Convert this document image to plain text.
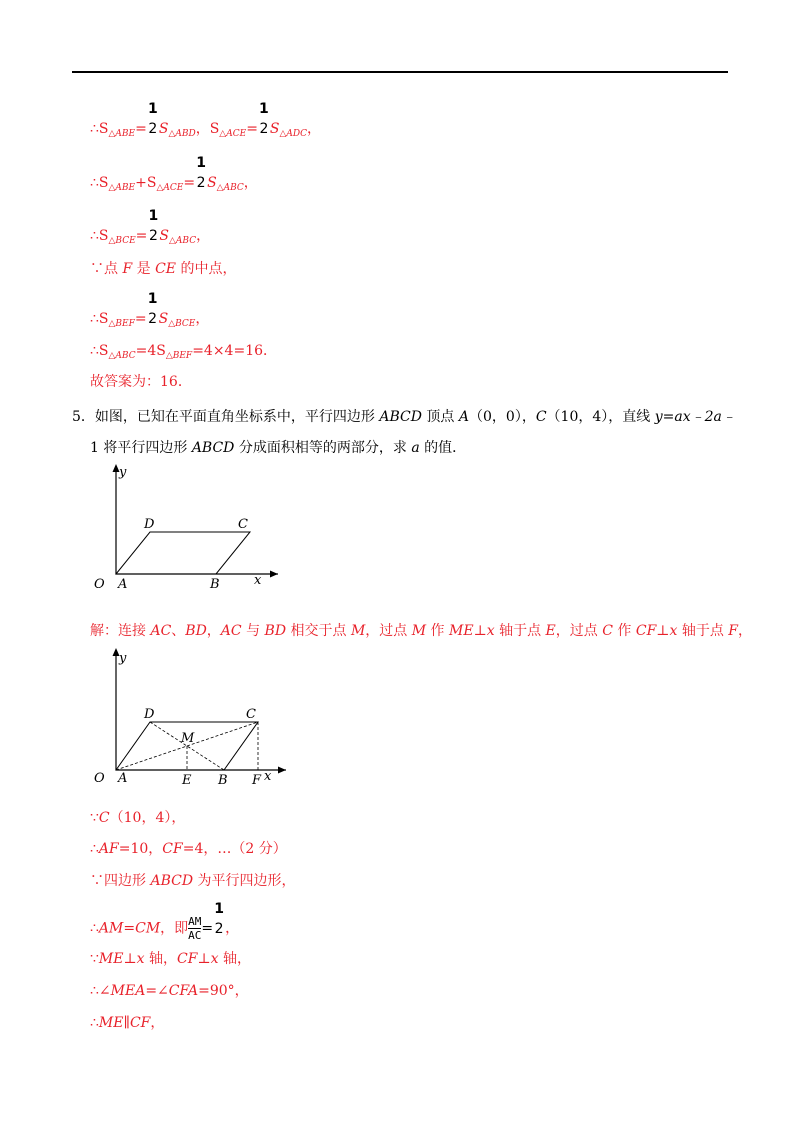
$\therefore S_{\triangle ABE}=$
1
2 $S_{\triangle ABD}$，$S_{\triangle ACE}=$
1
2 $S_{\triangle ADC}$，
$\therefore S_{\triangle ABE}+S_{\triangle ACE}=$
1
2 $S_{\triangle ABC}$，
$\therefore S_{\triangle BCE}=$
1
2 $S_{\triangle ABC}$，
∵点 F 是 CE 的中点，
$\therefore S_{\triangle BEF}=$
1
2 $S_{\triangle BCE}$，
$\therefore S_{\triangle ABC}=4S_{\triangle BEF}=4\times 4=16$．
故答案为：16．
5．如图，已知在平面直角坐标系中，平行四边形 ABCD 顶点 A（0，0），C（10，4），直线 y=ax﹣2a﹣
1 将平行四边形 ABCD 分成面积相等的两部分，求 a 的值．
O A	B
C
D
x
y
解：连接 AC、BD，AC 与 BD 相交于点 M，过点 M 作 ME⊥x 轴于点 E，过点 C 作 CF⊥x 轴于点 F，
O A	B
C
D
M
E	F x
y
∵C（10，4），
∴AF=10，CF=4，…（2 分）
∵四边形 ABCD 为平行四边形，
∴AM=CM，即 $\frac{AM}{AC}$ =
1
2 ，
∵ME⊥x 轴，CF⊥x 轴，
∴∠MEA=∠CFA=90°，
∴ME∥CF，
